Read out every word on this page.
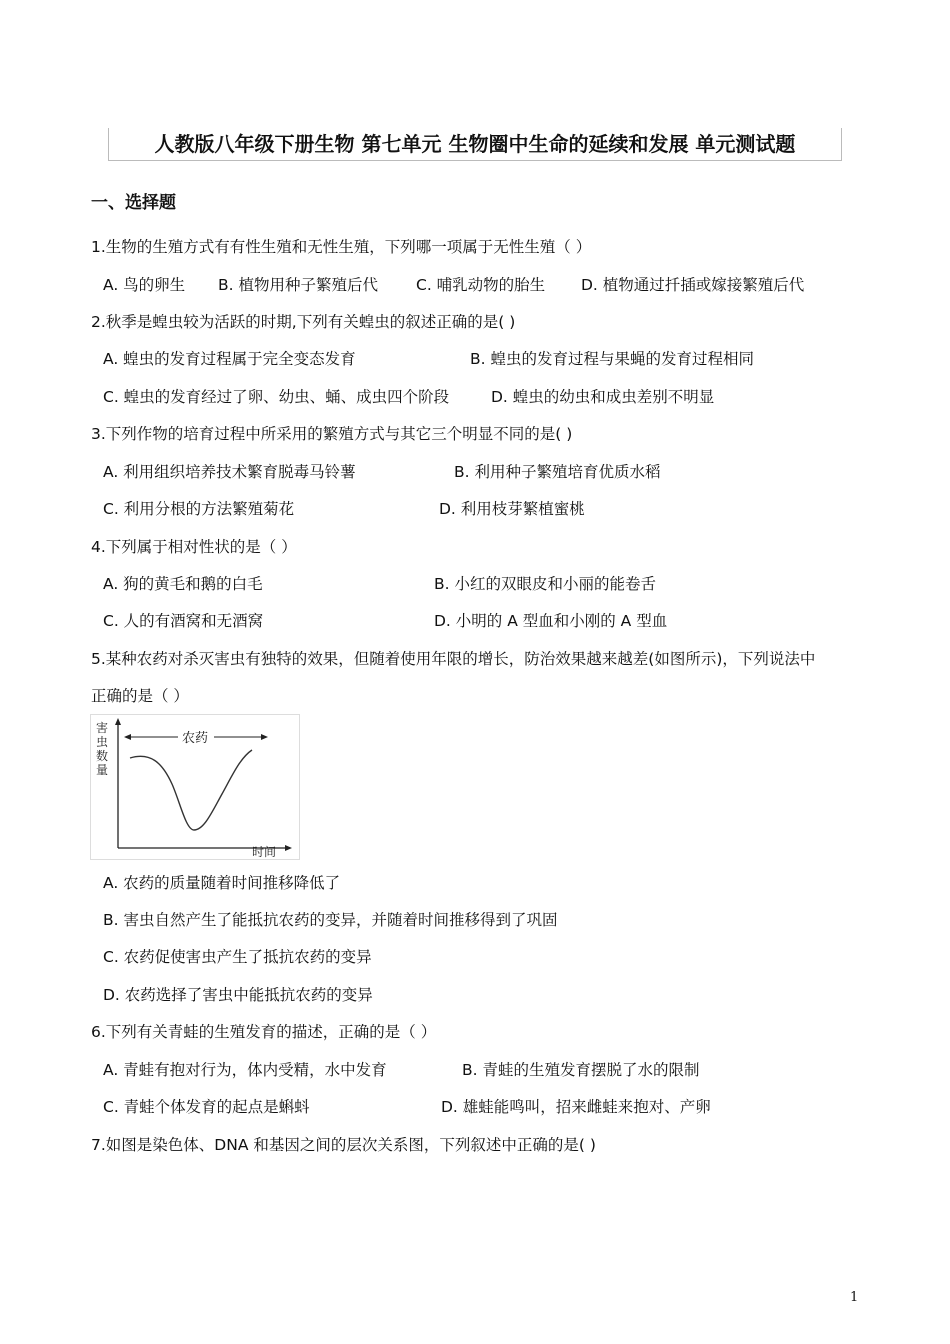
人教版八年级下册生物 第七单元 生物圈中生命的延续和发展 单元测试题
一、选择题
1.生物的生殖方式有有性生殖和无性生殖，下列哪一项属于无性生殖（ ）
A. 鸟的卵生 B. 植物用种子繁殖后代 C. 哺乳动物的胎生 D. 植物通过扦插或嫁接繁殖后代
2.秋季是蝗虫较为活跃的时期,下列有关蝗虫的叙述正确的是( )
A. 蝗虫的发育过程属于完全变态发育	B. 蝗虫的发育过程与果蝇的发育过程相同
C. 蝗虫的发育经过了卵、幼虫、蛹、成虫四个阶段	D. 蝗虫的幼虫和成虫差别不明显
3.下列作物的培育过程中所采用的繁殖方式与其它三个明显不同的是( )
A. 利用组织培养技术繁育脱毒马铃薯	B. 利用种子繁殖培育优质水稻
C. 利用分根的方法繁殖菊花	D. 利用枝芽繁植蜜桃
4.下列属于相对性状的是（ ）
A. 狗的黄毛和鹅的白毛	B. 小红的双眼皮和小丽的能卷舌
C. 人的有酒窝和无酒窝	D. 小明的 A 型血和小刚的 A 型血
5.某种农药对杀灭害虫有独特的效果，但随着使用年限的增长，防治效果越来越差(如图所示)，下列说法中
正确的是（ ）
害虫数量
时间
农药
A. 农药的质量随着时间推移降低了
B. 害虫自然产生了能抵抗农药的变异，并随着时间推移得到了巩固
C. 农药促使害虫产生了抵抗农药的变异
D. 农药选择了害虫中能抵抗农药的变异
6.下列有关青蛙的生殖发育的描述，正确的是（ ）
A. 青蛙有抱对行为，体内受精，水中发育	B. 青蛙的生殖发育摆脱了水的限制
C. 青蛙个体发育的起点是蝌蚪	D. 雄蛙能鸣叫，招来雌蛙来抱对、产卵
7.如图是染色体、DNA 和基因之间的层次关系图，下列叙述中正确的是( )
1
